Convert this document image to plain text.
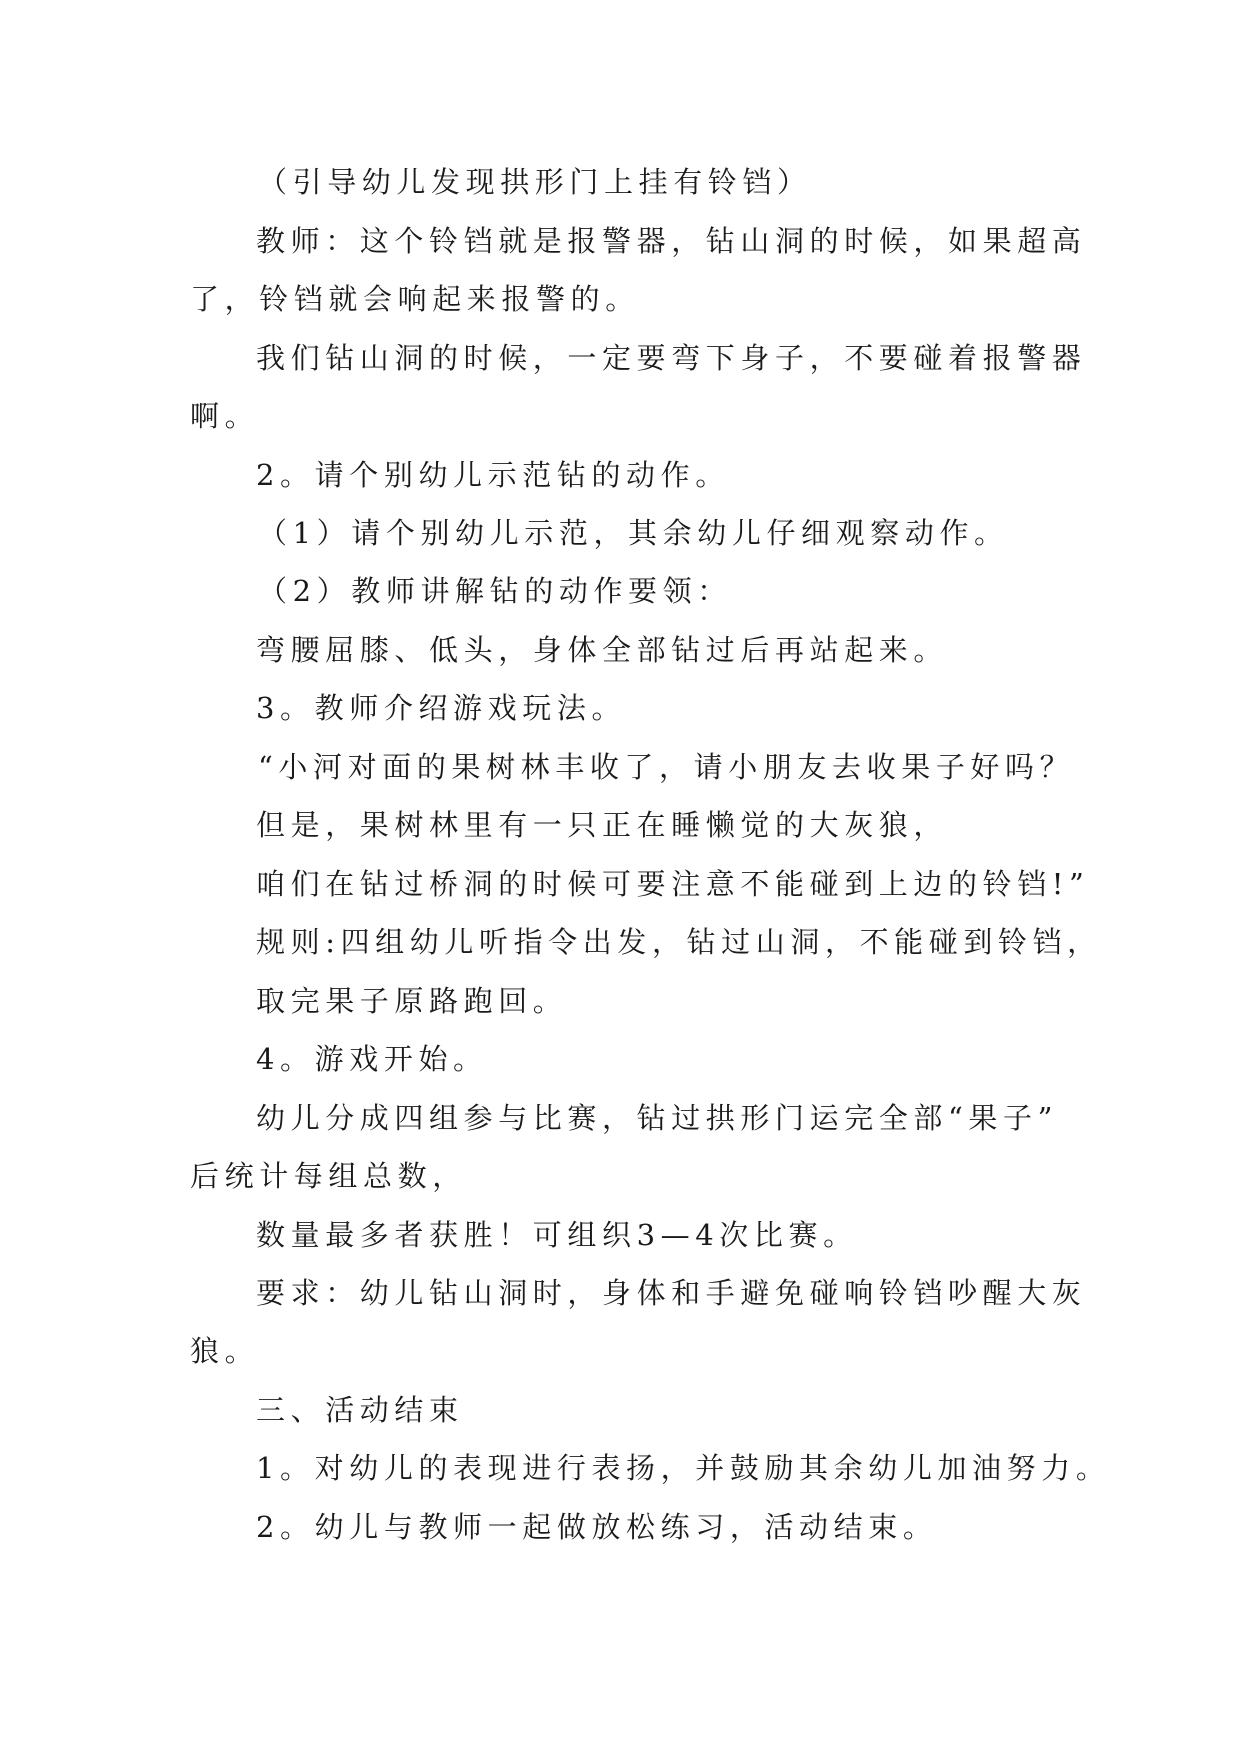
（引导幼儿发现拱形门上挂有铃铛）
教师：这个铃铛就是报警器，钻山洞的时候，如果超高
了，铃铛就会响起来报警的。
我们钻山洞的时候，一定要弯下身子，不要碰着报警器
啊。
2。请个别幼儿示范钻的动作。
（1）请个别幼儿示范，其余幼儿仔细观察动作。
（2）教师讲解钻的动作要领：
弯腰屈膝、低头，身体全部钻过后再站起来。
3。教师介绍游戏玩法。
“小河对面的果树林丰收了，请小朋友去收果子好吗？
但是，果树林里有一只正在睡懒觉的大灰狼，
咱们在钻过桥洞的时候可要注意不能碰到上边的铃铛!”
规则:四组幼儿听指令出发，钻过山洞，不能碰到铃铛，
取完果子原路跑回。
4。游戏开始。
幼儿分成四组参与比赛，钻过拱形门运完全部“果子”
后统计每组总数，
数量最多者获胜！可组织3—4次比赛。
要求：幼儿钻山洞时，身体和手避免碰响铃铛吵醒大灰
狼。
三、活动结束
1。对幼儿的表现进行表扬，并鼓励其余幼儿加油努力。
2。幼儿与教师一起做放松练习，活动结束。
